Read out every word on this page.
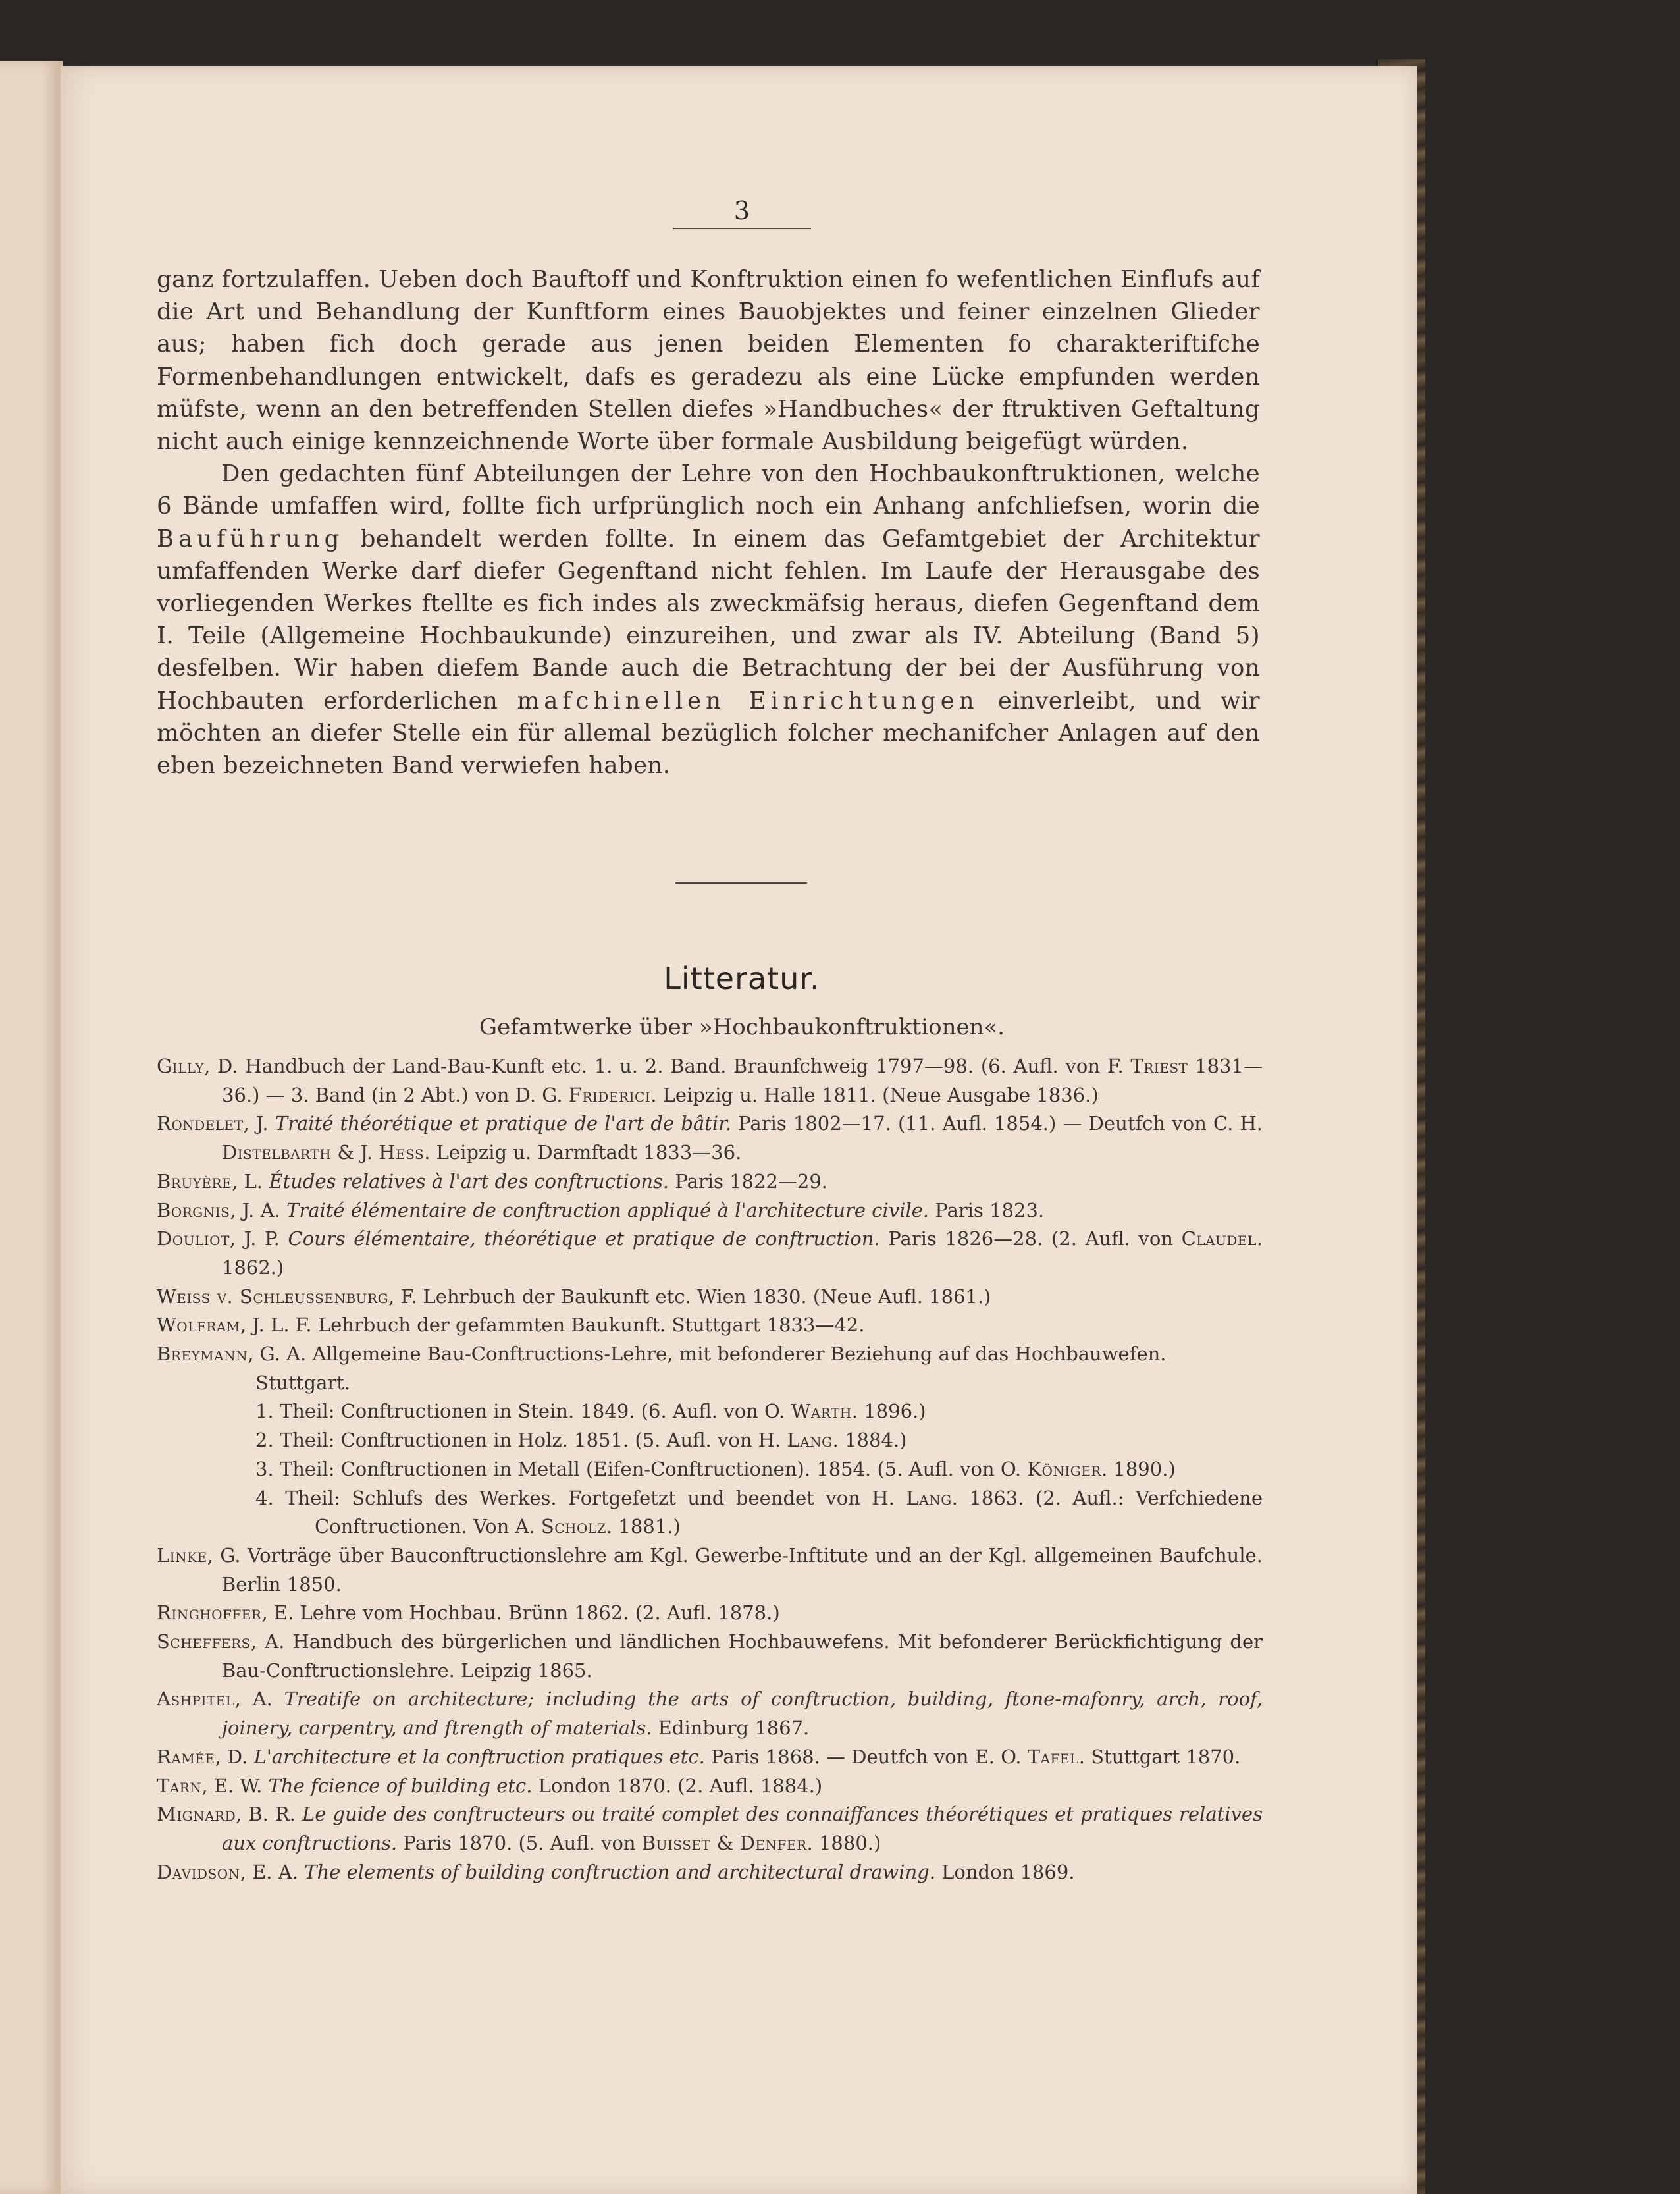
3

ganz fortzulaffen. Ueben doch Bauftoff und Konftruktion einen fo wefentlichen Einflufs auf die Art und Behandlung der Kunftform eines Bauobjektes und feiner einzelnen Glieder aus; haben fich doch gerade aus jenen beiden Elementen fo charakteriftifche Formenbehandlungen entwickelt, dafs es geradezu als eine Lücke empfunden werden müfste, wenn an den betreffenden Stellen diefes »Handbuches« der ftruktiven Geftaltung nicht auch einige kennzeichnende Worte über formale Ausbildung beigefügt würden.

Den gedachten fünf Abteilungen der Lehre von den Hochbaukonftruktionen, welche 6 Bände umfaffen wird, follte fich urfprünglich noch ein Anhang anfchliefsen, worin die Bauführung behandelt werden follte. In einem das Gefamtgebiet der Architektur umfaffenden Werke darf diefer Gegenftand nicht fehlen. Im Laufe der Herausgabe des vorliegenden Werkes ftellte es fich indes als zweckmäfsig heraus, diefen Gegenftand dem I. Teile (Allgemeine Hochbaukunde) einzureihen, und zwar als IV. Abteilung (Band 5) desfelben. Wir haben diefem Bande auch die Betrachtung der bei der Ausführung von Hochbauten erforderlichen mafchinellen Einrichtungen einverleibt, und wir möchten an diefer Stelle ein für allemal bezüglich folcher mechanifcher Anlagen auf den eben bezeichneten Band verwiefen haben.

Litteratur.
Gefamtwerke über »Hochbaukonftruktionen«.

Gilly, D. Handbuch der Land-Bau-Kunft etc. 1. u. 2. Band. Braunfchweig 1797—98. (6. Aufl. von F. Triest 1831—36.) — 3. Band (in 2 Abt.) von D. G. Friderici. Leipzig u. Halle 1811. (Neue Ausgabe 1836.)

Rondelet, J. Traité théorétique et pratique de l'art de bâtir. Paris 1802—17. (11. Aufl. 1854.) — Deutfch von C. H. Distelbarth & J. Hess. Leipzig u. Darmftadt 1833—36.

Bruyère, L. Études relatives à l'art des conftructions. Paris 1822—29.

Borgnis, J. A. Traité élémentaire de conftruction appliqué à l'architecture civile. Paris 1823.

Douliot, J. P. Cours élémentaire, théorétique et pratique de conftruction. Paris 1826—28. (2. Aufl. von Claudel. 1862.)

Weiss v. Schleussenburg, F. Lehrbuch der Baukunft etc. Wien 1830. (Neue Aufl. 1861.)

Wolfram, J. L. F. Lehrbuch der gefammten Baukunft. Stuttgart 1833—42.

Breymann, G. A. Allgemeine Bau-Conftructions-Lehre, mit befonderer Beziehung auf das Hochbauwefen.

Stuttgart.

1. Theil: Conftructionen in Stein. 1849. (6. Aufl. von O. Warth. 1896.)

2. Theil: Conftructionen in Holz. 1851. (5. Aufl. von H. Lang. 1884.)

3. Theil: Conftructionen in Metall (Eifen-Conftructionen). 1854. (5. Aufl. von O. Königer. 1890.)

4. Theil: Schlufs des Werkes. Fortgefetzt und beendet von H. Lang. 1863. (2. Aufl.: Verfchiedene Conftructionen. Von A. Scholz. 1881.)

Linke, G. Vorträge über Bauconftructionslehre am Kgl. Gewerbe-Inftitute und an der Kgl. allgemeinen Baufchule. Berlin 1850.

Ringhoffer, E. Lehre vom Hochbau. Brünn 1862. (2. Aufl. 1878.)

Scheffers, A. Handbuch des bürgerlichen und ländlichen Hochbauwefens. Mit befonderer Berückfichtigung der Bau-Conftructionslehre. Leipzig 1865.

Ashpitel, A. Treatife on architecture; including the arts of conftruction, building, ftone-mafonry, arch, roof, joinery, carpentry, and ftrength of materials. Edinburg 1867.

Ramée, D. L'architecture et la conftruction pratiques etc. Paris 1868. — Deutfch von E. O. Tafel. Stuttgart 1870.

Tarn, E. W. The fcience of building etc. London 1870. (2. Aufl. 1884.)

Mignard, B. R. Le guide des conftructeurs ou traité complet des connaiffances théorétiques et pratiques relatives aux conftructions. Paris 1870. (5. Aufl. von Buisset & Denfer. 1880.)

Davidson, E. A. The elements of building conftruction and architectural drawing. London 1869.
